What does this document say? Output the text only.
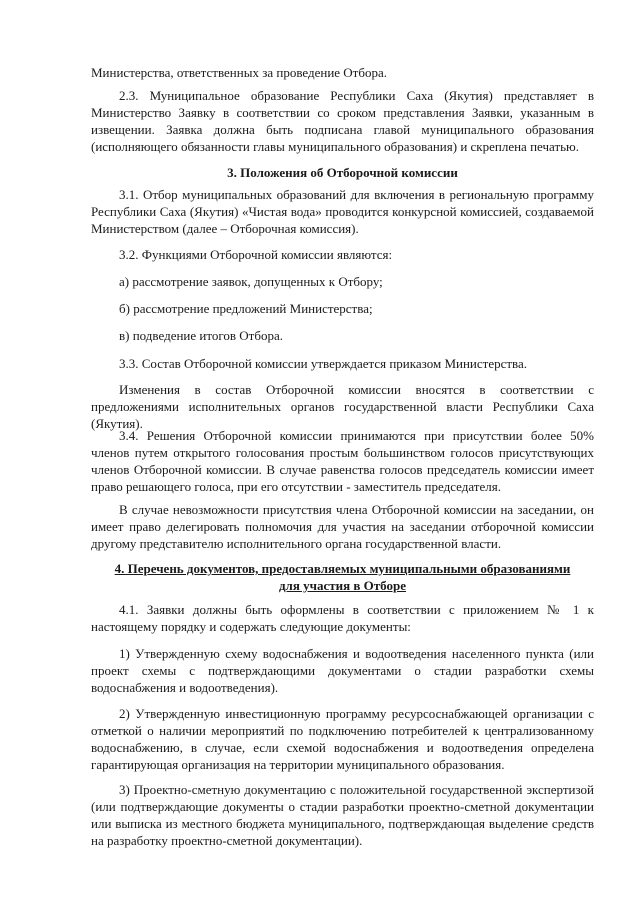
Министерства, ответственных за проведение Отбора.

2.3. Муниципальное образование Республики Саха (Якутия) представляет в Министерство Заявку в соответствии со сроком представления Заявки, указанным в извещении. Заявка должна быть подписана главой муниципального образования (исполняющего обязанности главы муниципального образования) и скреплена печатью.

3. Положения об Отборочной комиссии

3.1. Отбор муниципальных образований для включения в региональную программу Республики Саха (Якутия) «Чистая вода» проводится конкурсной комиссией, создаваемой Министерством (далее – Отборочная комиссия).

3.2. Функциями Отборочной комиссии являются:

а) рассмотрение заявок, допущенных к Отбору;

б) рассмотрение предложений Министерства;

в) подведение итогов Отбора.

3.3. Состав Отборочной комиссии утверждается приказом Министерства.

Изменения в состав Отборочной комиссии вносятся в соответствии с предложениями исполнительных органов государственной власти Республики Саха (Якутия).

3.4. Решения Отборочной комиссии принимаются при присутствии более 50% членов путем открытого голосования простым большинством голосов присутствующих членов Отборочной комиссии. В случае равенства голосов председатель комиссии имеет право решающего голоса, при его отсутствии - заместитель председателя.

В случае невозможности присутствия члена Отборочной комиссии на заседании, он имеет право делегировать полномочия для участия на заседании отборочной комиссии другому представителю исполнительного органа государственной власти.

4. Перечень документов, предоставляемых муниципальными образованиями
для участия в Отборе

4.1. Заявки должны быть оформлены в соответствии с приложением № 1 к настоящему порядку и содержать следующие документы:

1) Утвержденную схему водоснабжения и водоотведения населенного пункта (или проект схемы с подтверждающими документами о стадии разработки схемы водоснабжения и водоотведения).

2) Утвержденную инвестиционную программу ресурсоснабжающей организации с отметкой о наличии мероприятий по подключению потребителей к централизованному водоснабжению, в случае, если схемой водоснабжения и водоотведения определена гарантирующая организация на территории муниципального образования.

3) Проектно-сметную документацию с положительной государственной экспертизой (или подтверждающие документы о стадии разработки проектно-сметной документации или выписка из местного бюджета муниципального, подтверждающая выделение средств на разработку проектно-сметной документации).
